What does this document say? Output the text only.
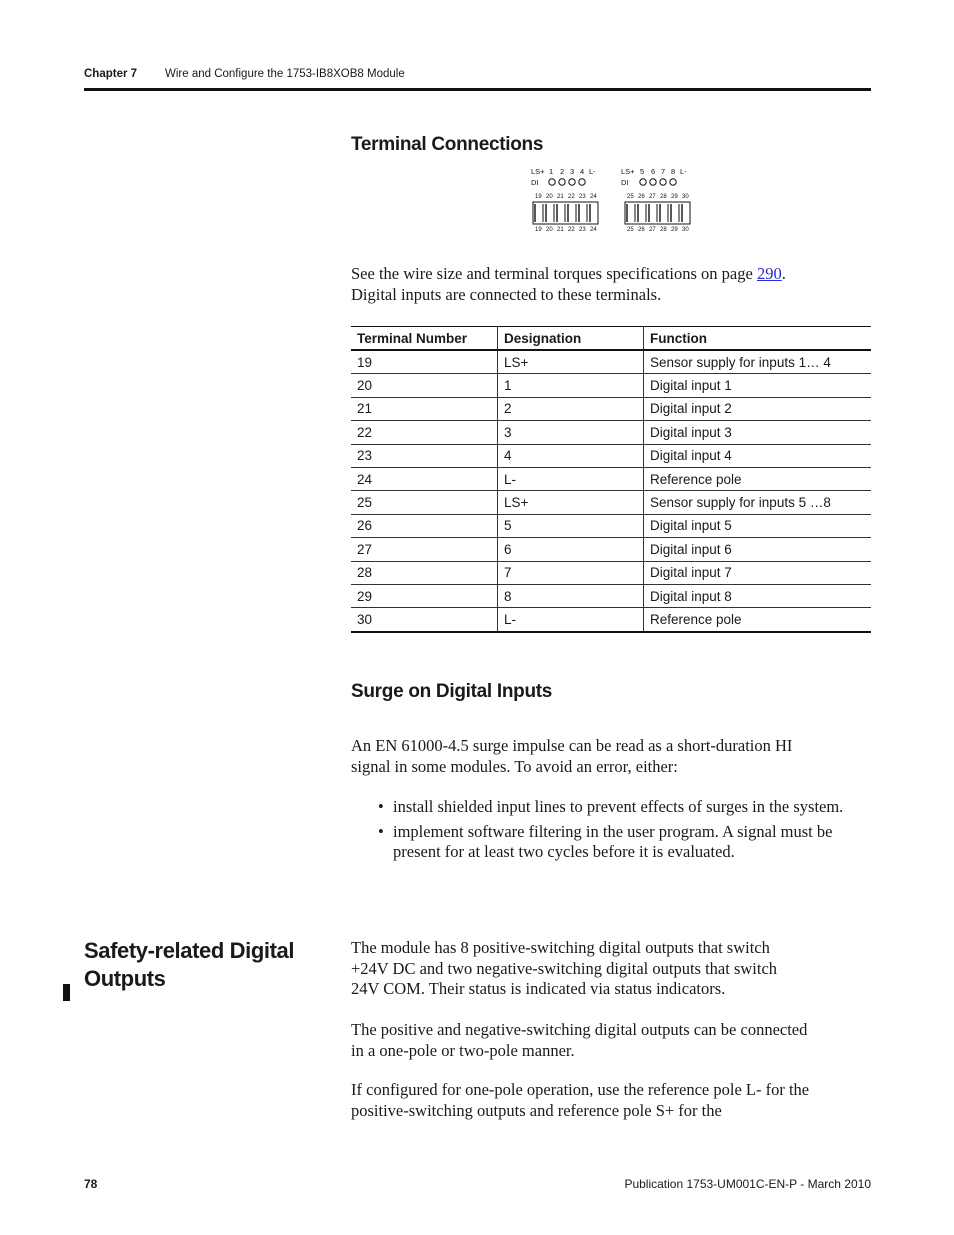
Chapter 7 Wire and Configure the 1753-IB8XOB8 Module
Terminal Connections
LS+ 1 2 3 4 L-
DI
19 20 21 22 23 24
19 20 21 22 23 24
LS+ 5 6 7 8 L-
DI
25 26 27 28 29 30
25 26 27 28 29 30
See the wire size and terminal torques specifications on page 290.
Digital inputs are connected to these terminals.
Terminal Number	Designation	Function
19	LS+	Sensor supply for inputs 1… 4
20	1	Digital input 1
21	2	Digital input 2
22	3	Digital input 3
23	4	Digital input 4
24	L-	Reference pole
25	LS+	Sensor supply for inputs 5 …8
26	5	Digital input 5
27	6	Digital input 6
28	7	Digital input 7
29	8	Digital input 8
30	L-	Reference pole
Surge on Digital Inputs
An EN 61000-4.5 surge impulse can be read as a short-duration HI
signal in some modules. To avoid an error, either:
• install shielded input lines to prevent effects of surges in the system.
• implement software filtering in the user program. A signal must be present for at least two cycles before it is evaluated.
Safety-related Digital
Outputs
The module has 8 positive-switching digital outputs that switch
+24V DC and two negative-switching digital outputs that switch
24V COM. Their status is indicated via status indicators.
The positive and negative-switching digital outputs can be connected
in a one-pole or two-pole manner.
If configured for one-pole operation, use the reference pole L- for the
positive-switching outputs and reference pole S+ for the
78	Publication 1753-UM001C-EN-P - March 2010
